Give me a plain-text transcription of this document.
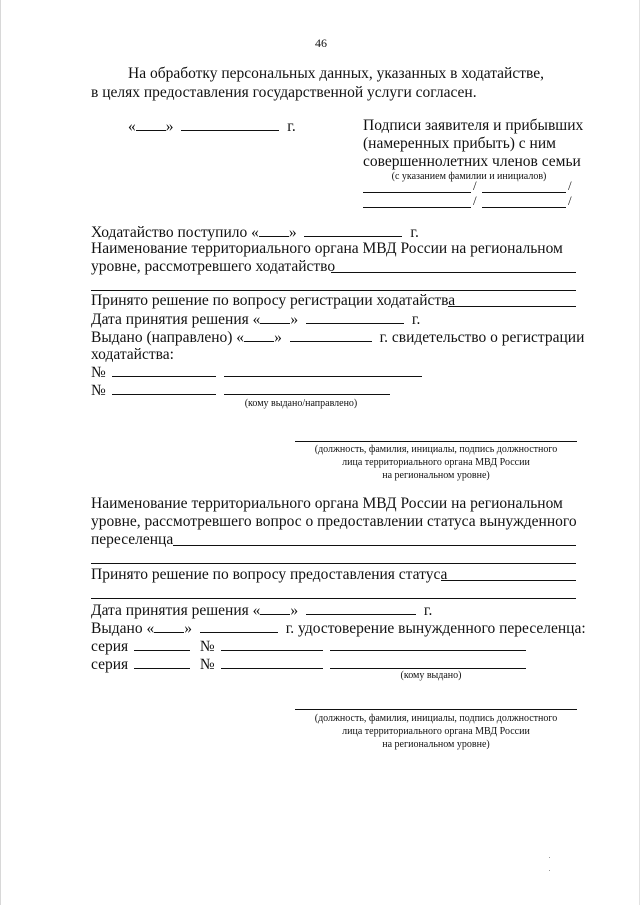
46
На обработку персональных данных, указанных в ходатайстве,
в целях предоставления государственной услуги согласен.
« »	г.	Подписи заявителя и прибывших
(намеренных прибыть) с ним
совершеннолетних членов семьи
(с указанием фамилии и инициалов)
/	/
/	/
Ходатайство поступило « »	г.
Наименование территориального органа МВД России на региональном
уровне, рассмотревшего ходатайство
Принято решение по вопросу регистрации ходатайства
Дата принятия решения « »	г.
Выдано (направлено) « »	г. свидетельство о регистрации
ходатайства:
№
№
(кому выдано/направлено)
(должность, фамилия, инициалы, подпись должностного
лица территориального органа МВД России
на региональном уровне)
Наименование территориального органа МВД России на региональном
уровне, рассмотревшего вопрос о предоставлении статуса вынужденного
переселенца
Принято решение по вопросу предоставления статуса
Дата принятия решения « »	г.
Выдано « »	г. удостоверение вынужденного переселенца:
серия	№
серия	№
(кому выдано)
(должность, фамилия, инициалы, подпись должностного
лица территориального органа МВД России
на региональном уровне)
